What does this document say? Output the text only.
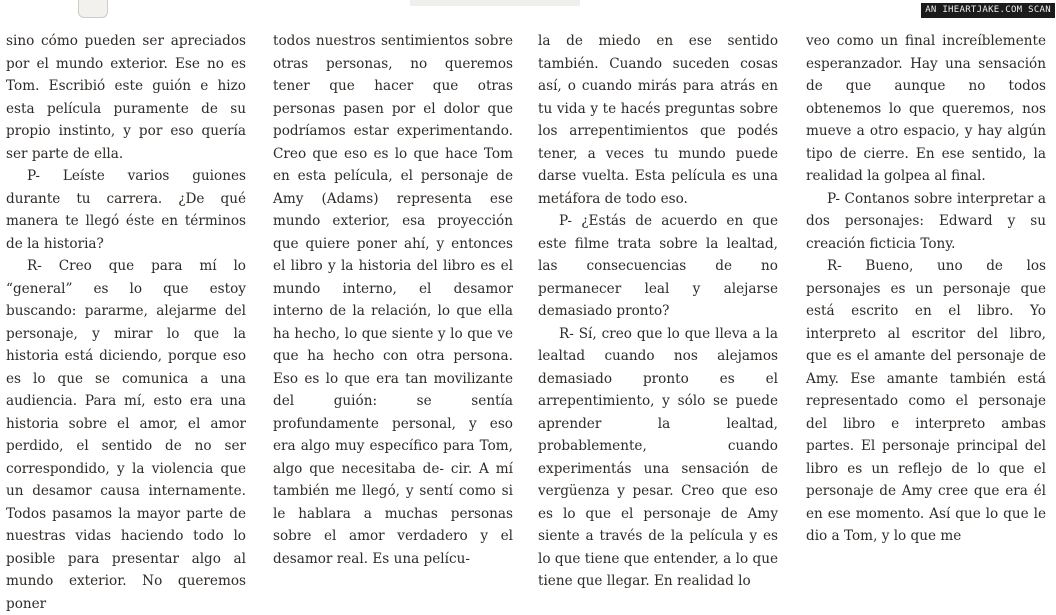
AN IHEARTJAKE.COM SCAN

sino cómo pueden ser apreciados por el mundo exterior. Ese no es Tom. Escribió este guión e hizo esta película puramente de su propio instinto, y por eso quería ser parte de ella.

P- Leíste varios guiones durante tu carrera. ¿De qué manera te llegó éste en términos de la historia?

R- Creo que para mí lo “general” es lo que estoy buscando: pararme, alejarme del personaje, y mirar lo que la historia está diciendo, porque eso es lo que se comunica a una audiencia. Para mí, esto era una historia sobre el amor, el amor perdido, el sentido de no ser correspondido, y la violencia que un desamor causa internamente. Todos pasamos la mayor parte de nuestras vidas haciendo todo lo posible para presentar algo al mundo exterior. No queremos poner

todos nuestros sentimientos sobre otras personas, no queremos tener que hacer que otras personas pasen por el dolor que podríamos estar experimentando. Creo que eso es lo que hace Tom en esta película, el personaje de Amy (Adams) representa ese mundo exterior, esa proyección que quiere poner ahí, y entonces el libro y la historia del libro es el mundo interno, el desamor interno de la relación, lo que ella ha hecho, lo que siente y lo que ve que ha hecho con otra persona. Eso es lo que era tan movilizante del guión: se sentía profundamente personal, y eso era algo muy específico para Tom, algo que necesitaba de- cir. A mí también me llegó, y sentí como si le hablara a muchas personas sobre el amor verdadero y el desamor real. Es una pelícu-

la de miedo en ese sentido también. Cuando suceden cosas así, o cuando mirás para atrás en tu vida y te hacés preguntas sobre los arrepentimientos que podés tener, a veces tu mundo puede darse vuelta. Esta película es una metáfora de todo eso.

P- ¿Estás de acuerdo en que este filme trata sobre la lealtad, las consecuencias de no permanecer leal y alejarse demasiado pronto?

R- Sí, creo que lo que lleva a la lealtad cuando nos alejamos demasiado pronto es el arrepentimiento, y sólo se puede aprender la lealtad, probablemente, cuando experimentás una sensación de vergüenza y pesar. Creo que eso es lo que el personaje de Amy siente a través de la película y es lo que tiene que entender, a lo que tiene que llegar. En realidad lo

veo como un final increíblemente esperanzador. Hay una sensación de que aunque no todos obtenemos lo que queremos, nos mueve a otro espacio, y hay algún tipo de cierre. En ese sentido, la realidad la golpea al final.

P- Contanos sobre interpretar a dos personajes: Edward y su creación ficticia Tony.

R- Bueno, uno de los personajes es un personaje que está escrito en el libro. Yo interpreto al escritor del libro, que es el amante del personaje de Amy. Ese amante también está representado como el personaje del libro e interpreto ambas partes. El personaje principal del libro es un reflejo de lo que el personaje de Amy cree que era él en ese momento. Así que lo que le dio a Tom, y lo que me
